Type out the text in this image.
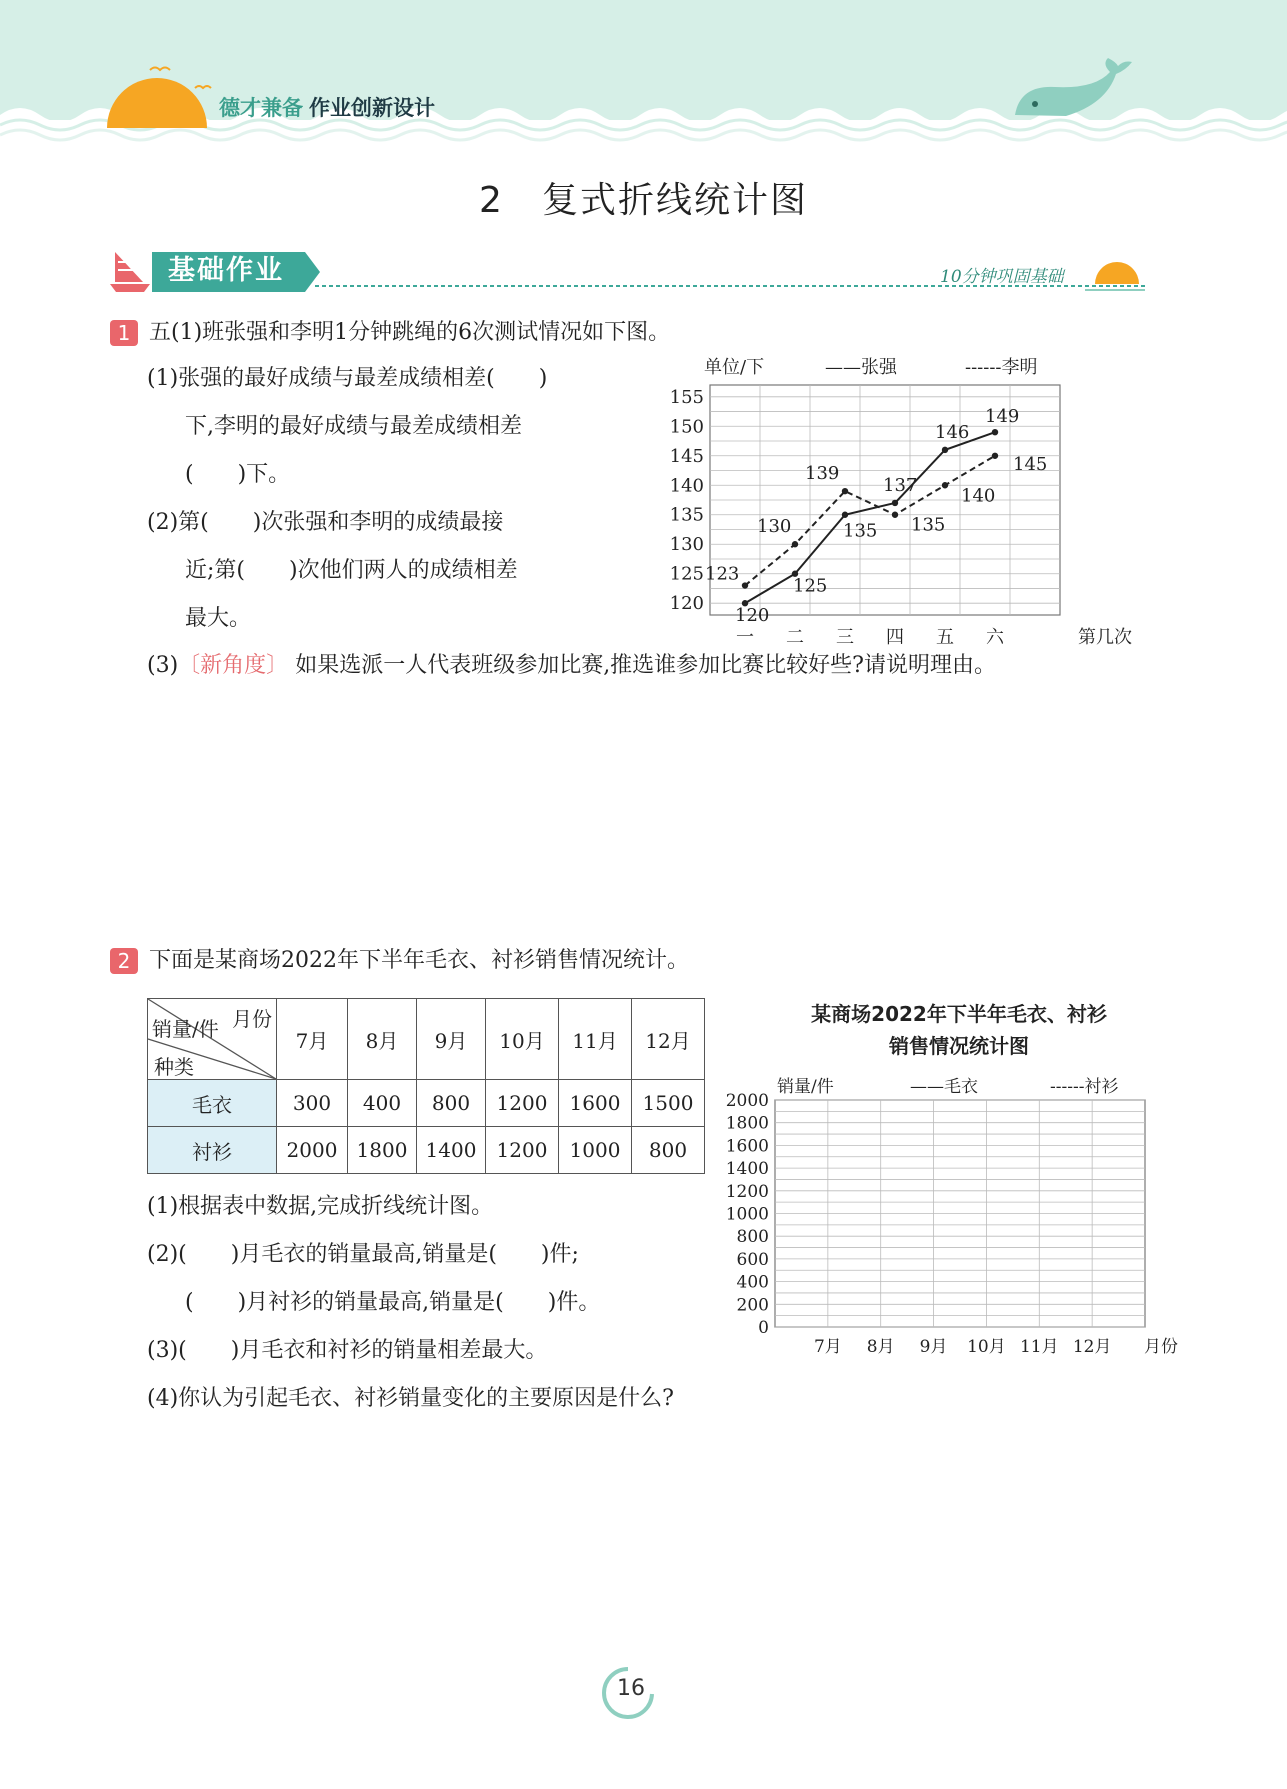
德才兼备 作业创新设计
2　复式折线统计图
基础作业	10分钟巩固基础
1 五(1)班张强和李明1分钟跳绳的6次测试情况如下图。
(1)张强的最好成绩与最差成绩相差(　　)
下,李明的最好成绩与最差成绩相差
(　　)下。
(2)第(　　)次张强和李明的成绩最接
近;第(　　)次他们两人的成绩相差
最大。
(3)〔新角度〕 如果选派一人代表班级参加比赛,推选谁参加比赛比较好些?请说明理由。
120
125
130
135
140
145
150
155
一 二 三 四 五 六	第几次
单位/下	——张强	------李明
120
125
135
137
146
149
123
130
139
135
140
145
2 下面是某商场2022年下半年毛衣、衬衫销售情况统计。
月份
销量/件
种类	7月	8月	9月	10月	11月	12月
毛衣	300	400	800	1200	1600	1500
衬衫	2000	1800	1400	1200	1000	800
(1)根据表中数据,完成折线统计图。
(2)(　　)月毛衣的销量最高,销量是(　　)件;
(　　)月衬衫的销量最高,销量是(　　)件。
(3)(　　)月毛衣和衬衫的销量相差最大。
(4)你认为引起毛衣、衬衫销量变化的主要原因是什么?
某商场2022年下半年毛衣、衬衫
销售情况统计图
0
200
400
600
800
1000
1200
1400
1600
1800
2000
7月 8月 9月 10月 11月 12月 月份
销量/件	——毛衣	------衬衫
16
